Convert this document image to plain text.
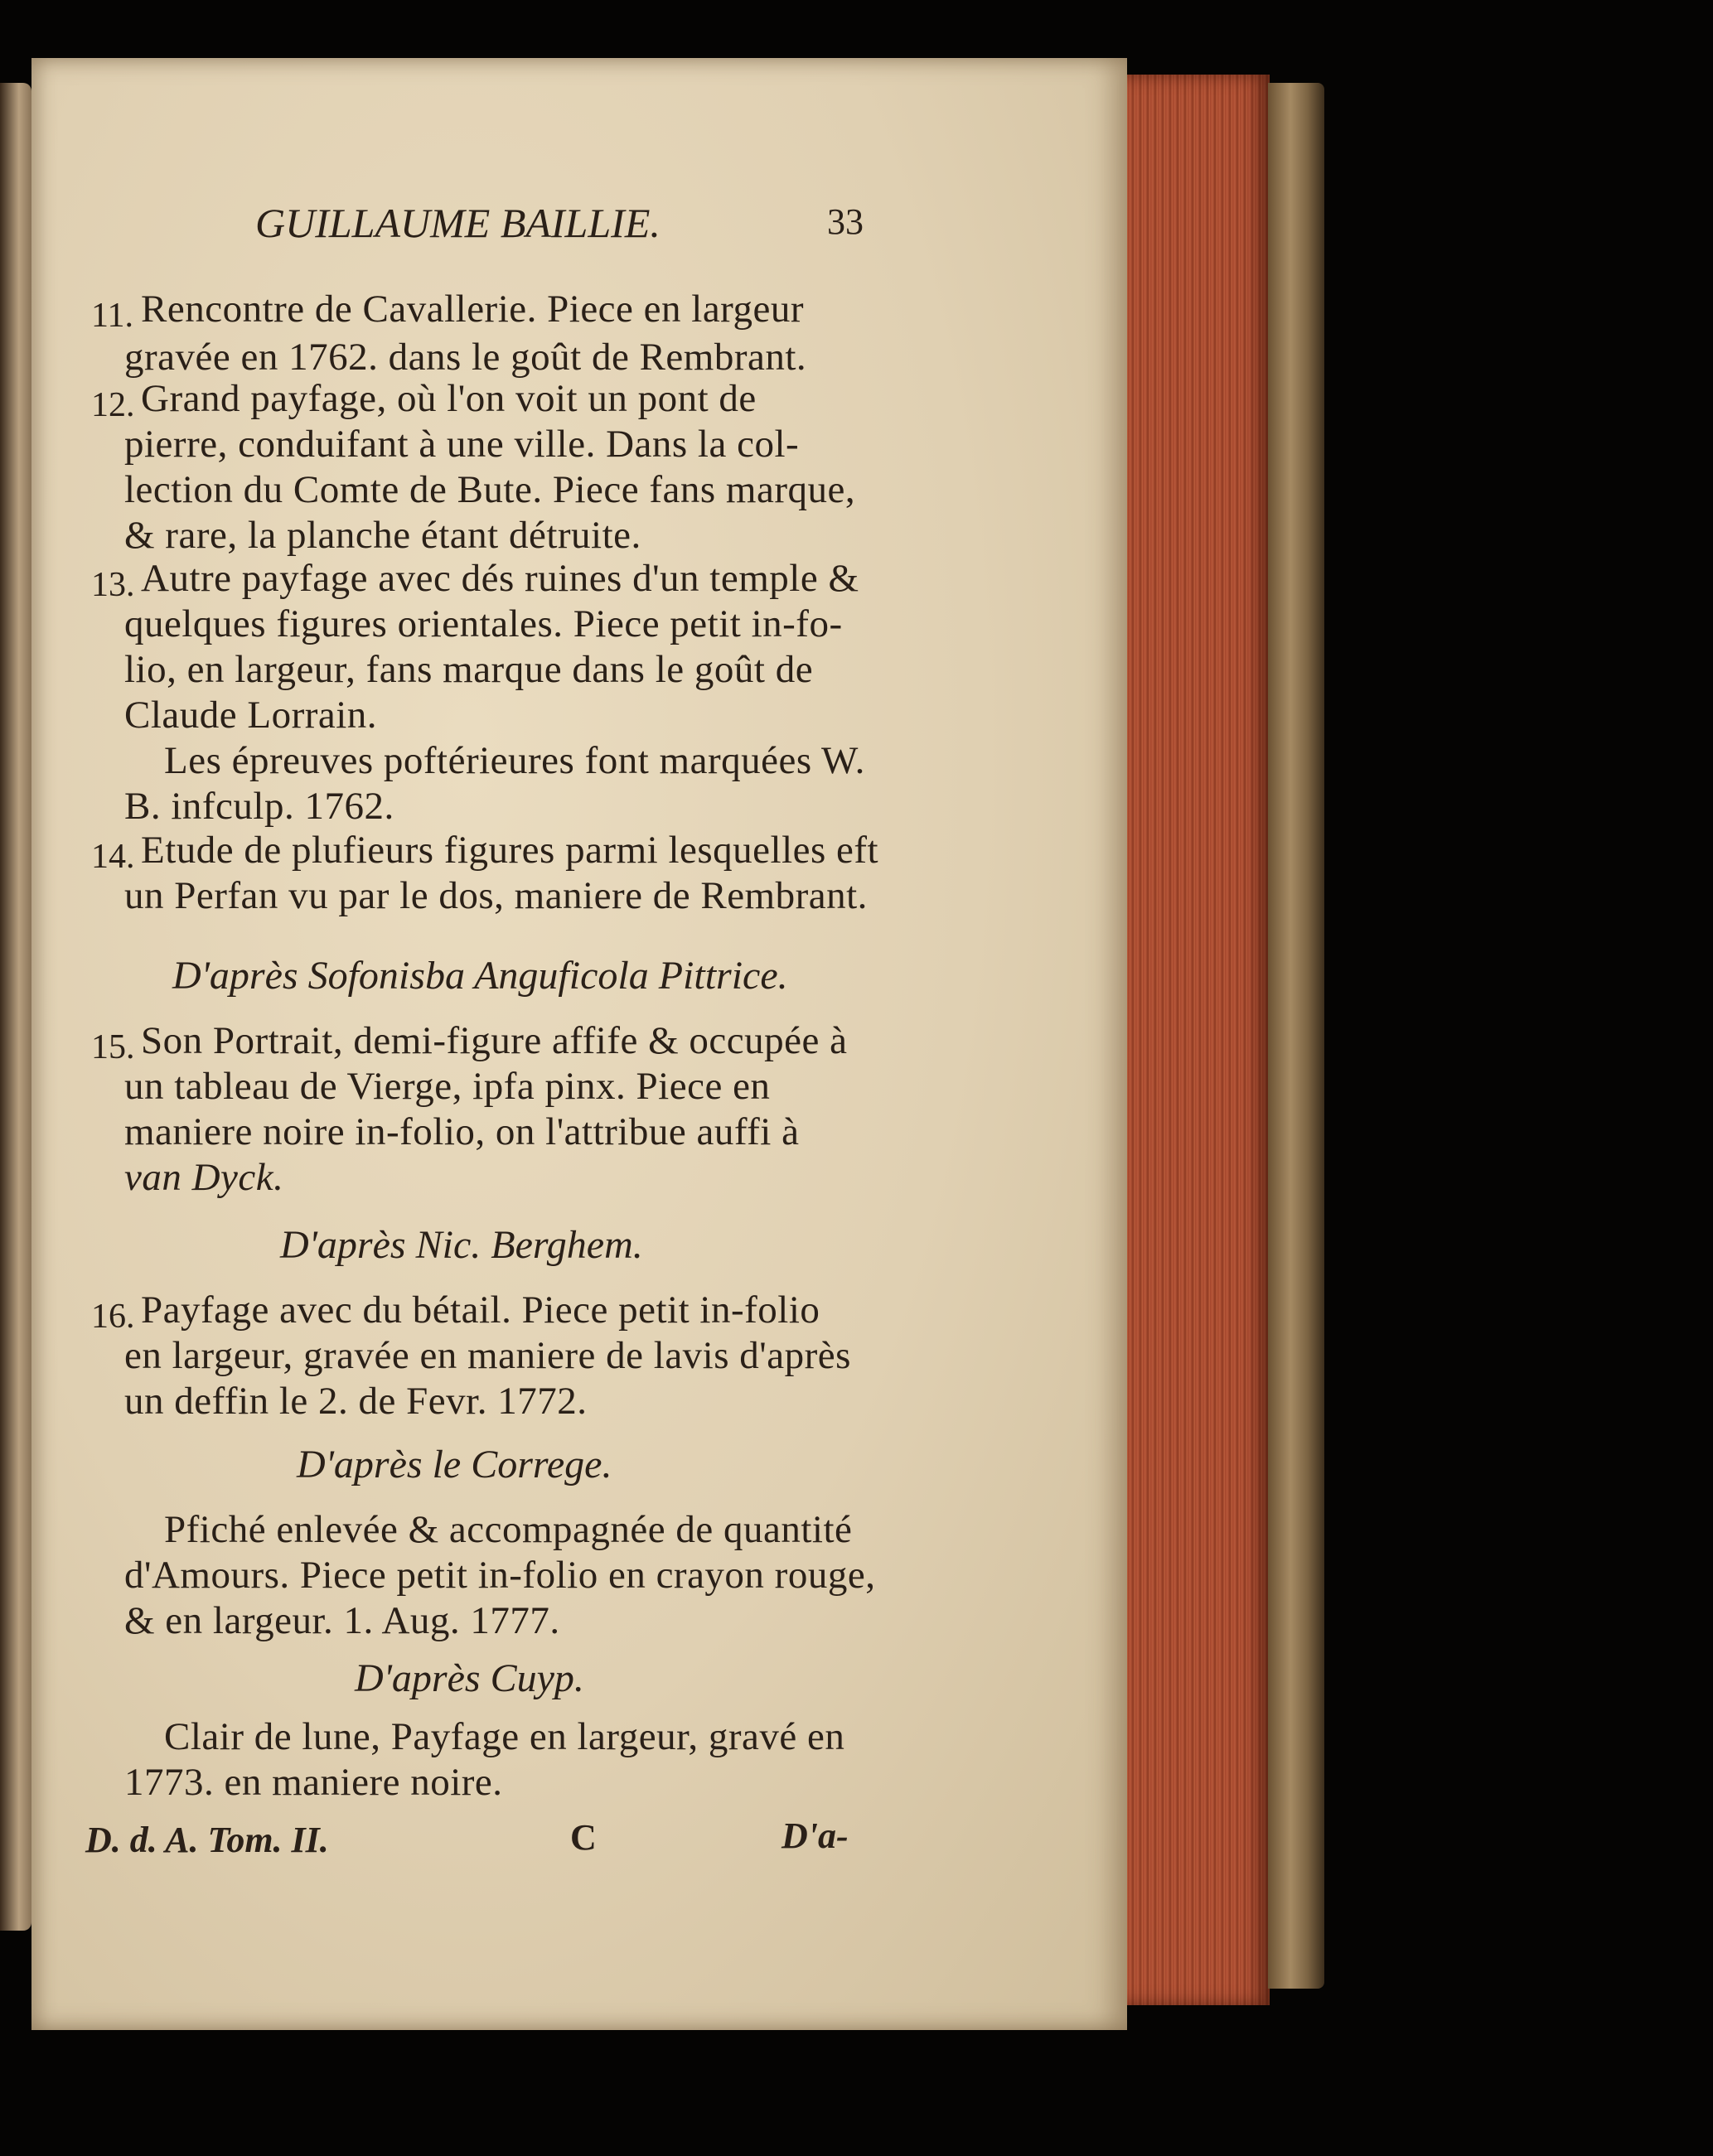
GUILLAUME BAILLIE.	33
11. Rencontre de Cavallerie. Piece en largeur
gravée en 1762. dans le goût de Rembrant.
12. Grand payfage, où l'on voit un pont de
pierre, conduifant à une ville. Dans la col-
lection du Comte de Bute. Piece fans marque,
& rare, la planche étant détruite.
13. Autre payfage avec dés ruines d'un temple &
quelques figures orientales. Piece petit in-fo-
lio, en largeur, fans marque dans le goût de
Claude Lorrain.
Les épreuves poftérieures font marquées W.
B. infculp. 1762.
14. Etude de plufieurs figures parmi lesquelles eft
un Perfan vu par le dos, maniere de Rembrant.
D'après Sofonisba Anguficola Pittrice.
15. Son Portrait, demi-figure affife & occupée à
un tableau de Vierge, ipfa pinx. Piece en
maniere noire in-folio, on l'attribue auffi à
van Dyck.
D'après Nic. Berghem.
16. Payfage avec du bétail. Piece petit in-folio
en largeur, gravée en maniere de lavis d'après
un deffin le 2. de Fevr. 1772.
D'après le Correge.
Pfiché enlevée & accompagnée de quantité
d'Amours. Piece petit in-folio en crayon rouge,
& en largeur. 1. Aug. 1777.
D'après Cuyp.
Clair de lune, Payfage en largeur, gravé en
1773. en maniere noire.
D. d. A. Tom. II.	C	D'a-
